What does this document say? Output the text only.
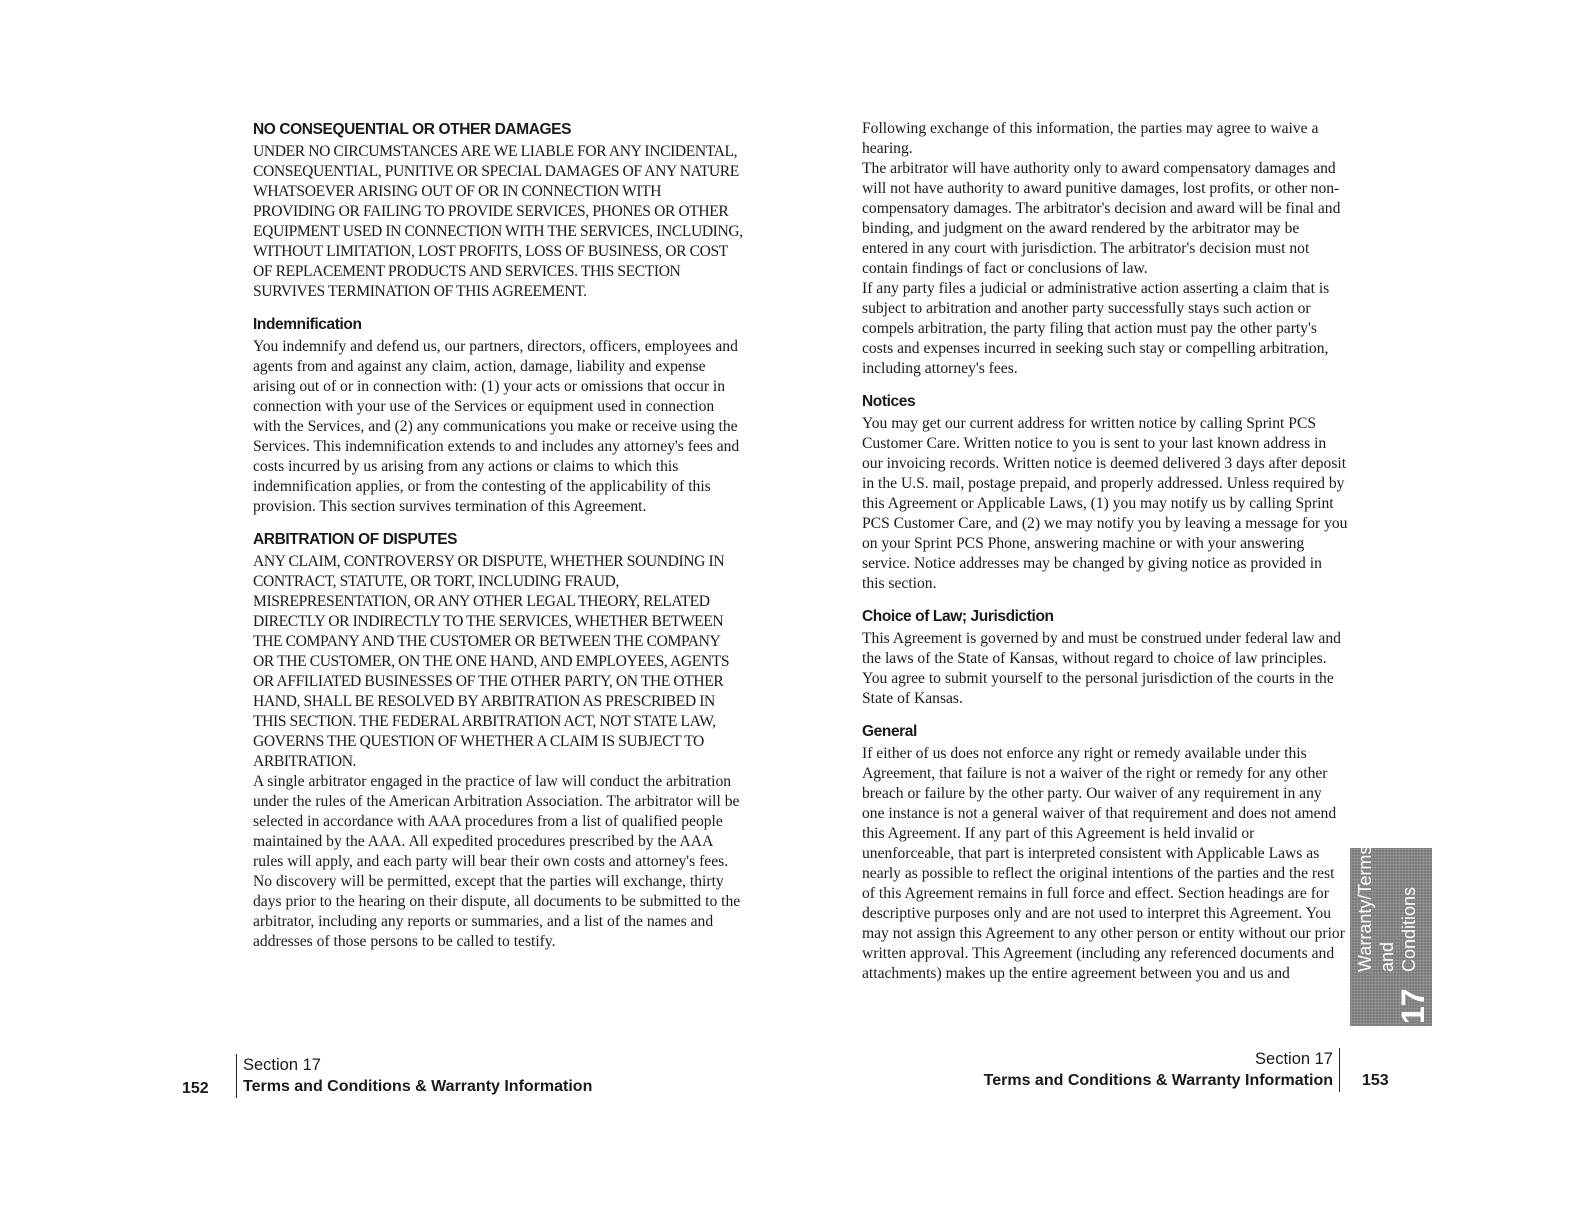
NO CONSEQUENTIAL OR OTHER DAMAGES

UNDER NO CIRCUMSTANCES ARE WE LIABLE FOR ANY INCIDENTAL, CONSEQUENTIAL, PUNITIVE OR SPECIAL DAMAGES OF ANY NATURE WHATSOEVER ARISING OUT OF OR IN CONNECTION WITH PROVIDING OR FAILING TO PROVIDE SERVICES, PHONES OR OTHER EQUIPMENT USED IN CONNECTION WITH THE SERVICES, INCLUDING, WITHOUT LIMITATION, LOST PROFITS, LOSS OF BUSINESS, OR COST OF REPLACEMENT PRODUCTS AND SERVICES. THIS SECTION SURVIVES TERMINATION OF THIS AGREEMENT.

Indemnification

You indemnify and defend us, our partners, directors, officers, employees and agents from and against any claim, action, damage, liability and expense arising out of or in connection with: (1) your acts or omissions that occur in connection with your use of the Services or equipment used in connection with the Services, and (2) any communications you make or receive using the Services. This indemnification extends to and includes any attorney's fees and costs incurred by us arising from any actions or claims to which this indemnification applies, or from the contesting of the applicability of this provision. This section survives termination of this Agreement.

ARBITRATION OF DISPUTES

ANY CLAIM, CONTROVERSY OR DISPUTE, WHETHER SOUNDING IN CONTRACT, STATUTE, OR TORT, INCLUDING FRAUD, MISREPRESENTATION, OR ANY OTHER LEGAL THEORY, RELATED DIRECTLY OR INDIRECTLY TO THE SERVICES, WHETHER BETWEEN THE COMPANY AND THE CUSTOMER OR BETWEEN THE COMPANY OR THE CUSTOMER, ON THE ONE HAND, AND EMPLOYEES, AGENTS OR AFFILIATED BUSINESSES OF THE OTHER PARTY, ON THE OTHER HAND, SHALL BE RESOLVED BY ARBITRATION AS PRESCRIBED IN THIS SECTION. THE FEDERAL ARBITRATION ACT, NOT STATE LAW, GOVERNS THE QUESTION OF WHETHER A CLAIM IS SUBJECT TO ARBITRATION.

A single arbitrator engaged in the practice of law will conduct the arbitration under the rules of the American Arbitration Association. The arbitrator will be selected in accordance with AAA procedures from a list of qualified people maintained by the AAA. All expedited procedures prescribed by the AAA rules will apply, and each party will bear their own costs and attorney's fees.

No discovery will be permitted, except that the parties will exchange, thirty days prior to the hearing on their dispute, all documents to be submitted to the arbitrator, including any reports or summaries, and a list of the names and addresses of those persons to be called to testify.

Following exchange of this information, the parties may agree to waive a hearing.

The arbitrator will have authority only to award compensatory damages and will not have authority to award punitive damages, lost profits, or other non-compensatory damages. The arbitrator's decision and award will be final and binding, and judgment on the award rendered by the arbitrator may be entered in any court with jurisdiction. The arbitrator's decision must not contain findings of fact or conclusions of law.

If any party files a judicial or administrative action asserting a claim that is subject to arbitration and another party successfully stays such action or compels arbitration, the party filing that action must pay the other party's costs and expenses incurred in seeking such stay or compelling arbitration, including attorney's fees.

Notices

You may get our current address for written notice by calling Sprint PCS Customer Care. Written notice to you is sent to your last known address in our invoicing records. Written notice is deemed delivered 3 days after deposit in the U.S. mail, postage prepaid, and properly addressed. Unless required by this Agreement or Applicable Laws, (1) you may notify us by calling Sprint PCS Customer Care, and (2) we may notify you by leaving a message for you on your Sprint PCS Phone, answering machine or with your answering service. Notice addresses may be changed by giving notice as provided in this section.

Choice of Law; Jurisdiction

This Agreement is governed by and must be construed under federal law and the laws of the State of Kansas, without regard to choice of law principles. You agree to submit yourself to the personal jurisdiction of the courts in the State of Kansas.

General

If either of us does not enforce any right or remedy available under this Agreement, that failure is not a waiver of the right or remedy for any other breach or failure by the other party. Our waiver of any requirement in any one instance is not a general waiver of that requirement and does not amend this Agreement. If any part of this Agreement is held invalid or unenforceable, that part is interpreted consistent with Applicable Laws as nearly as possible to reflect the original intentions of the parties and the rest of this Agreement remains in full force and effect. Section headings are for descriptive purposes only and are not used to interpret this Agreement. You may not assign this Agreement to any other person or entity without our prior written approval. This Agreement (including any referenced documents and attachments) makes up the entire agreement between you and us and

152
Section 17
Terms and Conditions & Warranty Information
Section 17
Terms and Conditions & Warranty Information 153
Warranty/Terms and Conditions
17
